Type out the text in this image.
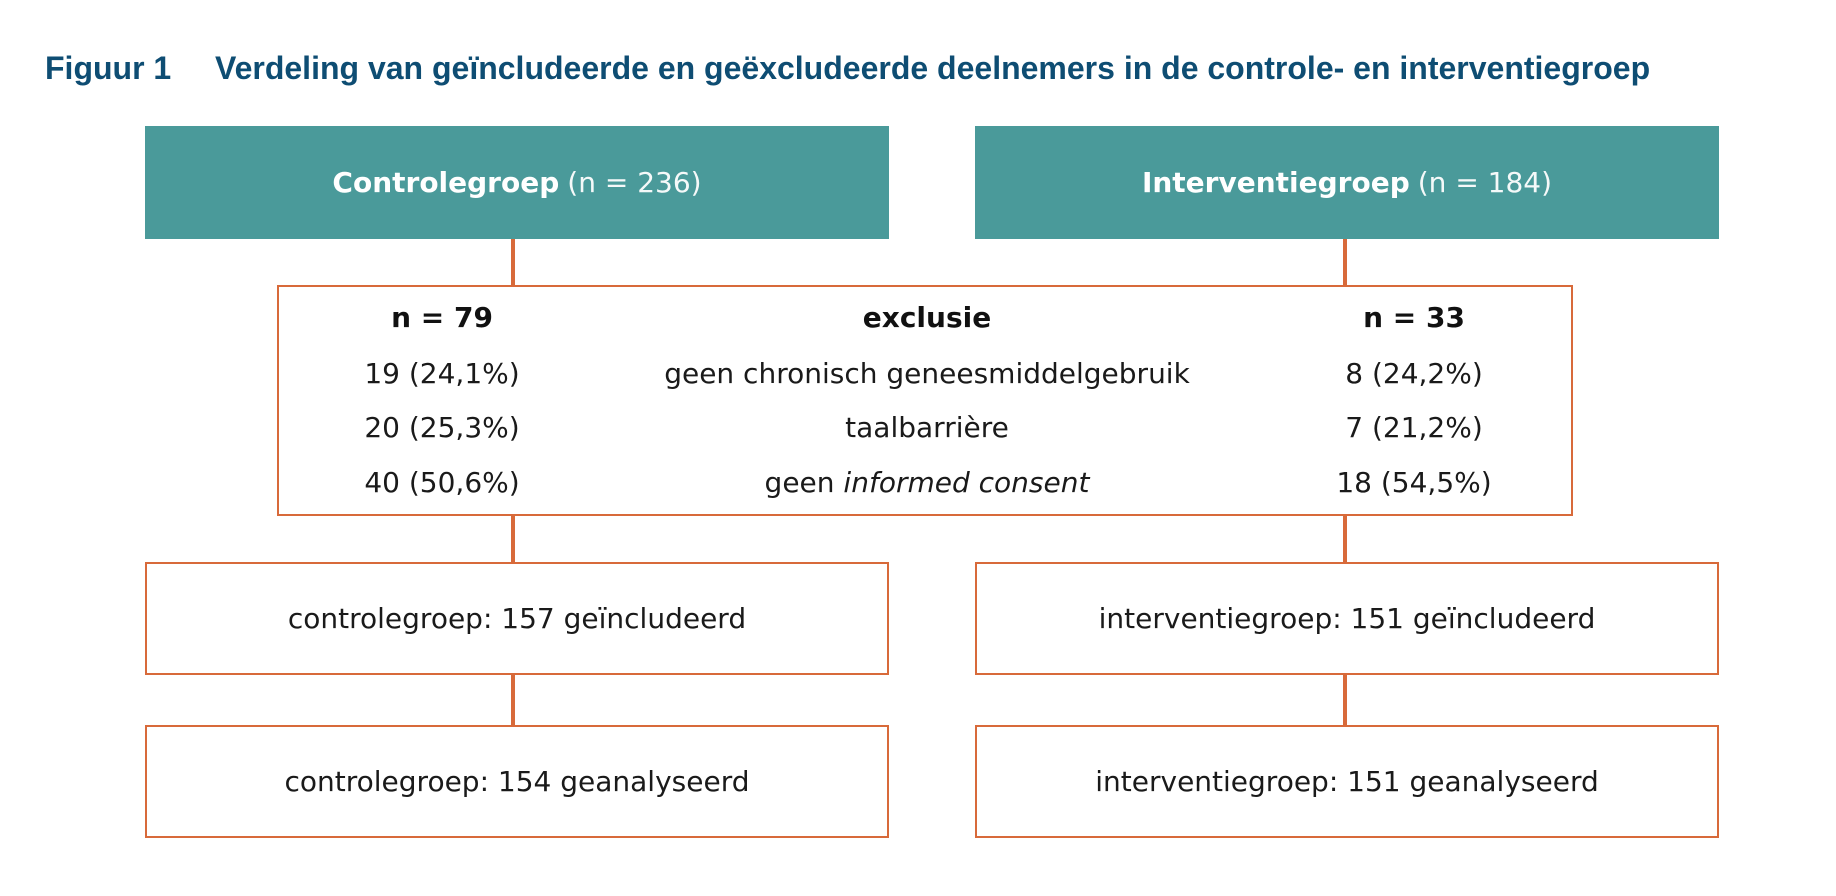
Figuur 1 Verdeling van geïncludeerde en geëxcludeerde deelnemers in de controle- en interventiegroep
Controlegroep (n = 236)	Interventiegroep (n = 184)
n = 79	exclusie	n = 33
19 (24,1%)	geen chronisch geneesmiddelgebruik	8 (24,2%)
20 (25,3%)	taalbarrière	7 (21,2%)
40 (50,6%)	geen informed consent	18 (54,5%)
controlegroep: 157 geïncludeerd	interventiegroep: 151 geïncludeerd
controlegroep: 154 geanalyseerd	interventiegroep: 151 geanalyseerd
